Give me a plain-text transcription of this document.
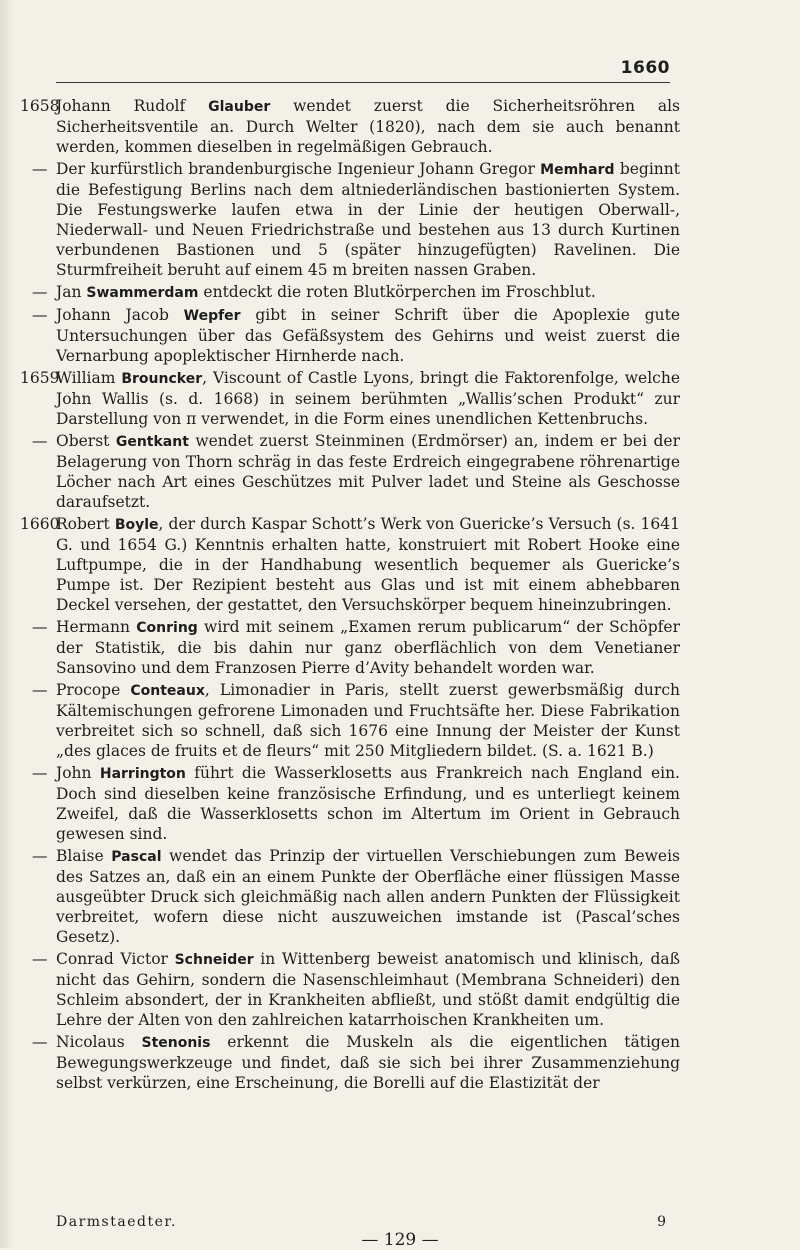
1660
1658
Johann Rudolf Glauber wendet zuerst die Sicherheitsröhren als Sicherheitsventile an. Durch Welter (1820), nach dem sie auch benannt werden, kommen dieselben in regelmäßigen Gebrauch.
— Der kurfürstlich brandenburgische Ingenieur Johann Gregor Memhard beginnt die Befestigung Berlins nach dem altniederländischen bastionierten System. Die Festungswerke laufen etwa in der Linie der heutigen Oberwall-, Niederwall- und Neuen Friedrichstraße und bestehen aus 13 durch Kurtinen verbundenen Bastionen und 5 (später hinzugefügten) Ravelinen. Die Sturmfreiheit beruht auf einem 45 m breiten nassen Graben.
— Jan Swammerdam entdeckt die roten Blutkörperchen im Froschblut.
— Johann Jacob Wepfer gibt in seiner Schrift über die Apoplexie gute Untersuchungen über das Gefäßsystem des Gehirns und weist zuerst die Vernarbung apoplektischer Hirnherde nach.
1659
William Brouncker, Viscount of Castle Lyons, bringt die Faktorenfolge, welche John Wallis (s. d. 1668) in seinem berühmten „Wallis’schen Produkt“ zur Darstellung von π verwendet, in die Form eines unendlichen Kettenbruchs.
— Oberst Gentkant wendet zuerst Steinminen (Erdmörser) an, indem er bei der Belagerung von Thorn schräg in das feste Erdreich eingegrabene röhrenartige Löcher nach Art eines Geschützes mit Pulver ladet und Steine als Geschosse daraufsetzt.
1660
Robert Boyle, der durch Kaspar Schott’s Werk von Guericke’s Versuch (s. 1641 G. und 1654 G.) Kenntnis erhalten hatte, konstruiert mit Robert Hooke eine Luftpumpe, die in der Handhabung wesentlich bequemer als Guericke’s Pumpe ist. Der Rezipient besteht aus Glas und ist mit einem abhebbaren Deckel versehen, der gestattet, den Versuchskörper bequem hineinzubringen.
— Hermann Conring wird mit seinem „Examen rerum publicarum“ der Schöpfer der Statistik, die bis dahin nur ganz oberflächlich von dem Venetianer Sansovino und dem Franzosen Pierre d’Avity behandelt worden war.
— Procope Conteaux, Limonadier in Paris, stellt zuerst gewerbsmäßig durch Kältemischungen gefrorene Limonaden und Fruchtsäfte her. Diese Fabrikation verbreitet sich so schnell, daß sich 1676 eine Innung der Meister der Kunst „des glaces de fruits et de fleurs“ mit 250 Mitgliedern bildet. (S. a. 1621 B.)
— John Harrington führt die Wasserklosetts aus Frankreich nach England ein. Doch sind dieselben keine französische Erfindung, und es unterliegt keinem Zweifel, daß die Wasserklosetts schon im Altertum im Orient in Gebrauch gewesen sind.
— Blaise Pascal wendet das Prinzip der virtuellen Verschiebungen zum Beweis des Satzes an, daß ein an einem Punkte der Oberfläche einer flüssigen Masse ausgeübter Druck sich gleichmäßig nach allen andern Punkten der Flüssigkeit verbreitet, wofern diese nicht auszuweichen imstande ist (Pascal’sches Gesetz).
— Conrad Victor Schneider in Wittenberg beweist anatomisch und klinisch, daß nicht das Gehirn, sondern die Nasenschleimhaut (Membrana Schneideri) den Schleim absondert, der in Krankheiten abfließt, und stößt damit endgültig die Lehre der Alten von den zahlreichen katarrhoischen Krankheiten um.
— Nicolaus Stenonis erkennt die Muskeln als die eigentlichen tätigen Bewegungswerkzeuge und findet, daß sie sich bei ihrer Zusammenziehung selbst verkürzen, eine Erscheinung, die Borelli auf die Elastizität der
Darmstaedter.	9
— 129 —
